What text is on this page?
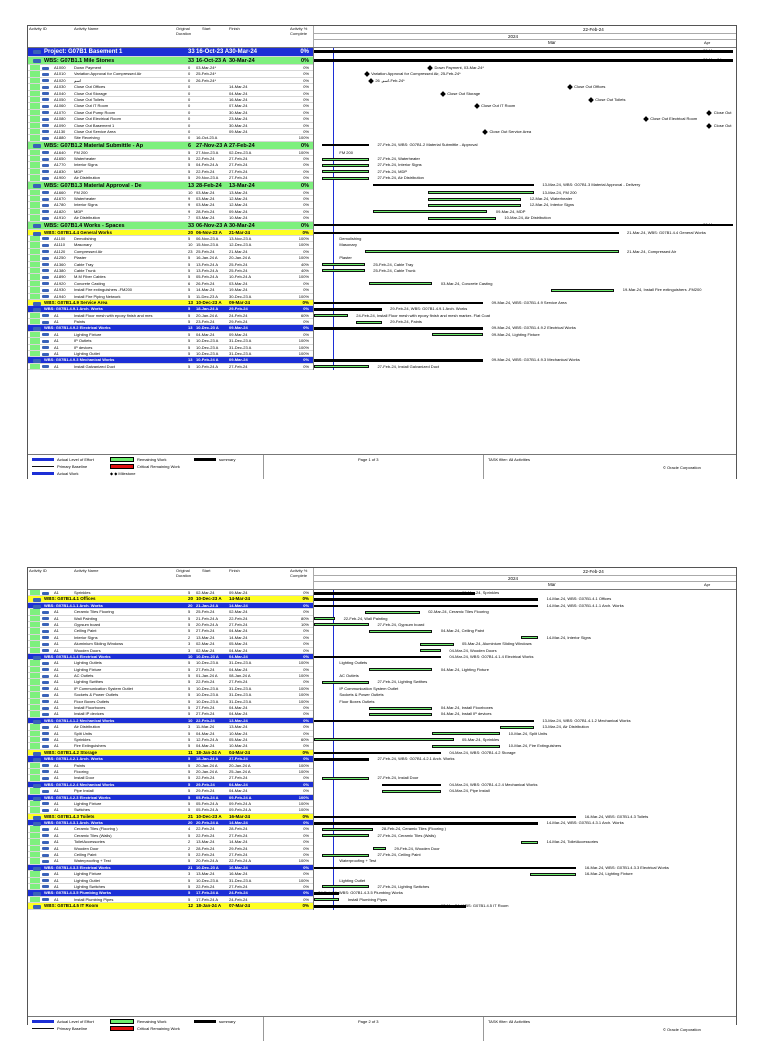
Activity ID	Activity Name	Original Duration
Start	Finish	Activity % Complete
22-Feb-24
2024
Mar	Apr
Project: G07B1 Basement 1	33 16-Oct-23 A 30-Mar-24	0%
WBS: G07B1.1 Mile Stones	33 16-Oct-23 A 30-Mar-24	0%
A1000 Down Payment	0 03-Mar-24*	0%
A1010 Variation Approval for Compressed Air	0 25-Feb-24*	0%
A1020 اسم	0 26-Feb-24*	0%
A1030 Close Out Offices	0	14-Mar-24	0%
A1040 Close Out Storage	0	04-Mar-24	0%
A1050 Close Out Toilets	0	16-Mar-24	0%
A1060 Close Out IT Room	0	07-Mar-24	0%
A1070 Close Out Pump Room	0	30-Mar-24	0%
A1080 Close Out Electrical Room	0	23-Mar-24	0%
A1090 Close Out Basement 1	0	30-Mar-24	0%
A1130 Close Out Service Area	0	09-Mar-24	0%
A1880 Site Receiving	0 16-Oct-23 A	100%
WBS: G07B1.2 Material Submittle - Ap	6 27-Nov-23 A 27-Feb-24	0%
A1640 FM 200	5 27-Nov-23 A	02-Dec-23 A	100%
A1650 Waterheater	5 22-Feb-24	27-Feb-24	0%
A1770 Interior Signs	5 04-Feb-24 A	27-Feb-24	0%
A1830 MDP	5 22-Feb-24	27-Feb-24	0%
A1900 Air Distribution	5 29-Nov-23 A	27-Feb-24	0%
WBS: G07B1.3 Material Approval - De	13 28-Feb-24 13-Mar-24	0%
A1660 FM 200	10 03-Mar-24	13-Mar-24	0%
A1670 Waterheater	9 03-Mar-24	12-Mar-24	0%
A1780 Interior Signs	9 03-Mar-24	12-Mar-24	0%
A1820 MDP	9 28-Feb-24	09-Mar-24	0%
A1910 Air Distribution	7 03-Mar-24	10-Mar-24	0%
WBS: G07B1.4 Works - Spaces	33 06-Nov-23 A 30-Mar-24	0%
WBS: G07B1.4.4 General Works	20 06-Nov-23 A 21-Mar-24	0%
A1100 Demolishing	5 06-Nov-23 A	13-Nov-23 A	100%
A1110 Masonary	10 15-Nov-23 A	12-Dec-23 A	100%
A1120 Compressed Air	23 25-Feb-24	21-Mar-24	0%
A1250 Plaster	5 16-Jan-24 A	20-Jan-24 A	100%
A1360 Cable Tray	5 13-Feb-24 A	25-Feb-24	40%
A1380 Cable Trunk	5 13-Feb-24 A	25-Feb-24	40%
A1890 M.M Fiber Cables	5 05-Feb-24 A	10-Feb-24 A	100%
A1920 Concrete Casting	6 26-Feb-24	03-Mar-24	0%
A1930 Install Fire extinguishers -FM200	5 14-Mar-24	19-Mar-24	0%
A1940 Install Fire Piping Network	5 11-Dec-23 A	30-Dec-23 A	100%
WBS: G07B1.4.9 Service Area	13 10-Dec-23 A 09-Mar-24	0%
WBS: G07B1.4.9.1 Arch. Works	5 18-Jan-24 A	29-Feb-24	0%
A1	Install Floor mesh with epoxy finish and mes	5 20-Jan-24 A	24-Feb-24	60%
A1	Paints	5 23-Feb-24	29-Feb-24	0%
WBS: G07B1.4.9.2 Electrical Works	13 10-Dec-23 A	09-Mar-24	0%
A1	Lighting Fixture	5 04-Mar-24	09-Mar-24	0%
A1	IP Outlets	5 10-Dec-23 A	31-Dec-23 A	100%
A1	IP devices	5 10-Dec-23 A	31-Dec-23 A	100%
A1	Lighting Outlet	5 10-Dec-23 A	31-Dec-23 A	100%
WBS: G07B1.4.9.3 Mechanical Works	13 10-Feb-24 A	09-Mar-24	0%
A1	Install Galvanized Duct	5 10-Feb-24 A	27-Feb-24	0%
30-Mar
30-Mar-24
Down Payment, 03-Mar-24*
Variation Approval for Compressed Air, 25-Feb-24*
اسم, 26-Feb-24*
Close Out Offices
Close Out Storage
Close Out Toilets
Close Out IT Room
Close Out
Close Out Electrical Room
Close Out
Close Out Service Area
27-Feb-24, WBS: G07B1.2 Material Submittle - Approval
FM 200
27-Feb-24, Waterheater
27-Feb-24, Interior Signs
27-Feb-24, MDP
27-Feb-24, Air Distribution
13-Mar-24, WBS: G07B1.3 Material Approval - Delivery
13-Mar-24, FM 200
12-Mar-24, Waterheater
12-Mar-24, Interior Signs
09-Mar-24, MDP
10-Mar-24, Air Distribution
30-Mar
21-Mar-24, WBS: G07B1.4.4 General Works
Demolishing
Masonary
21-Mar-24, Compressed Air
Plaster
25-Feb-24, Cable Tray
25-Feb-24, Cable Trunk
03-Mar-24, Concrete Casting
19-Mar-24, Install Fire extinguishers -FM200
09-Mar-24, WBS: G07B1.4.9 Service Area
29-Feb-24, WBS: G07B1.4.9.1 Arch. Works
24-Feb-24, Install Floor mesh with epoxy finish and mesh marker- Flat Coat
29-Feb-24, Paints
09-Mar-24, WBS: G07B1.4.9.2 Electrical Works
09-Mar-24, Lighting Fixture
09-Mar-24, WBS: G07B1.4.9.3 Mechanical Works
27-Feb-24, Install Galvanized Duct
Actual Level of Effort
Primary Baseline
Actual Work
Remaining Work
Critical Remaining Work
◆ ◆ Milestone
summary	Page 1 of 3	TASK filter: All Activities
© Oracle Corporation
Activity ID	Activity Name	Original Duration
Start	Finish	Activity % Complete
22-Feb-24
2024
Mar	Apr
A1	Sprinkles	5 02-Mar-24	09-Mar-24	0%
WBS: G07B1.4.1 Offices	20 10-Dec-23 A 14-Mar-24	0%
WBS: G07B1.4.1.1 Arch. Works	20 21-Jan-24 A	14-Mar-24	0%
A1	Ceramic Tiles Flooring	5 25-Feb-24	02-Mar-24	0%
A1	Wall Painting	5 21-Feb-24 A	22-Feb-24	80%
A1	Gypsum board	5 20-Feb-24 A	27-Feb-24	10%
A1	Ceiling Paint	5 27-Feb-24	04-Mar-24	0%
A1	Interior Signs	2 13-Mar-24	14-Mar-24	0%
A1	Aluminium Sliding Windows	3 02-Mar-24	05-Mar-24	0%
A1	Wooden Doors	3 02-Mar-24	04-Mar-24	0%
WBS: G07B1.4.1.4 Electrical Works	10 10-Dec-23 A	04-Mar-24	0%
A1	Lighting Outlets	5 10-Dec-23 A	31-Dec-23 A	100%
A1	Lighting Fixture	5 27-Feb-24	04-Mar-24	0%
A1	AC Outlets	5 01-Jan-24 A	08-Jan-24 A	100%
A1	Lighting Swithes	5 22-Feb-24	27-Feb-24	0%
A1	IP Communication System Outlet	5 10-Dec-23 A	31-Dec-23 A	100%
A1	Sockets & Power Outlets	5 10-Dec-23 A	31-Dec-23 A	100%
A1	Floor Boxes Outlets	5 10-Dec-23 A	31-Dec-23 A	100%
A1	Install Floorboxes	5 27-Feb-24	04-Mar-24	0%
A1	Install IP devices	5 27-Feb-24	04-Mar-24	0%
WBS: G07B1.4.1.2 Mechanical Works	10 22-Feb-24	13-Mar-24	0%
A1	Air Distribution	3 11-Mar-24	13-Mar-24	0%
A1	Split Units	5 04-Mar-24	10-Mar-24	0%
A1	Sprinkles	5 12-Feb-24 A	05-Mar-24	60%
A1	Fire Extinguishers	5 04-Mar-24	10-Mar-24	0%
WBS: G07B1.4.2 Storage	11 18-Jan-24 A 04-Mar-24	0%
WBS: G07B1.4.2.1 Arch. Works	5 18-Jan-24 A	27-Feb-24	0%
A1	Paints	5 20-Jan-24 A	20-Jan-24 A	100%
A1	Flooring	5 20-Jan-24 A	25-Jan-24 A	100%
A1	Install Door	5 22-Feb-24	27-Feb-24	0%
WBS: G07B1.4.2.4 Mechanical Works	5 29-Feb-24	04-Mar-24	0%
A1	Pipe Install	5 29-Feb-24	04-Mar-24	0%
WBS: G07B1.4.2.3 Electrical Works	5 05-Feb-24 A	09-Feb-24 A	100%
A1	Lighting Fixture	5 05-Feb-24 A	09-Feb-24 A	100%
A1	Switches	5 05-Feb-24 A	09-Feb-24 A	100%
WBS: G07B1.4.3 Toilets	21 10-Dec-23 A 16-Mar-24	0%
WBS: G07B1.4.3.1 Arch. Works	20 20-Feb-24 A	14-Mar-24	0%
A1	Ceramic Tiles (Flooring )	4 22-Feb-24	28-Feb-24	0%
A1	Ceramic Tiles (Walls)	5 22-Feb-24	27-Feb-24	0%
A1	ToiletAccessories	2 13-Mar-24	14-Mar-24	0%
A1	Wooden Door	2 28-Feb-24	29-Feb-24	0%
A1	Ceiling Paint	5 22-Feb-24	27-Feb-24	0%
A1	Waterproofing + Test	5 20-Feb-24 A	22-Feb-24 A	100%
WBS: G07B1.4.3.3 Electrical Works	21 10-Dec-23 A	16-Mar-24	0%
A1	Lighting Fixture	3 13-Mar-24	16-Mar-24	0%
A1	Lighting Outlet	5 10-Dec-23 A	31-Dec-23 A	100%
A1	Lighting Switches	5 22-Feb-24	27-Feb-24	0%
WBS: G07B1.4.3.5 Plumbing Works	5 17-Feb-24 A	24-Feb-24	0%
A1	Install Plumbing Pipes	5 17-Feb-24 A	24-Feb-24	0%
WBS: G07B1.4.5 IT Room	12 18-Jan-24 A 07-Mar-24	0%
09-Mar-24, Sprinkles
14-Mar-24, WBS: G07B1.4.1 Offices
14-Mar-24, WBS: G07B1.4.1.1 Arch. Works
02-Mar-24, Ceramic Tiles Flooring
22-Feb-24, Wall Painting
27-Feb-24, Gypsum board
04-Mar-24, Ceiling Paint
14-Mar-24, Interior Signs
05-Mar-24, Aluminium Sliding Windows
04-Mar-24, Wooden Doors
04-Mar-24, WBS: G07B1.4.1.4 Electrical Works
Lighting Outlets
04-Mar-24, Lighting Fixture
AC Outlets
27-Feb-24, Lighting Swithes
IP Communication System Outlet
Sockets & Power Outlets
Floor Boxes Outlets
04-Mar-24, Install Floorboxes
04-Mar-24, Install IP devices
13-Mar-24, WBS: G07B1.4.1.2 Mechanical Works
13-Mar-24, Air Distribution
10-Mar-24, Split Units
05-Mar-24, Sprinkles
10-Mar-24, Fire Extinguishers
04-Mar-24, WBS: G07B1.4.2 Storage
27-Feb-24, WBS: G07B1.4.2.1 Arch. Works
27-Feb-24, Install Door
04-Mar-24, WBS: G07B1.4.2.4 Mechanical Works
04-Mar-24, Pipe Install
16-Mar-24, WBS: G07B1.4.3 Toilets
14-Mar-24, WBS: G07B1.4.3.1 Arch. Works
28-Feb-24, Ceramic Tiles (Flooring )
27-Feb-24, Ceramic Tiles (Walls)
14-Mar-24, ToiletAccessories
29-Feb-24, Wooden Door
27-Feb-24, Ceiling Paint
Waterproofing + Test
16-Mar-24, WBS: G07B1.4.3.3 Electrical Works
16-Mar-24, Lighting Fixture
Lighting Outlet
27-Feb-24, Lighting Switches
24-Feb-24, WBS: G07B1.4.3.5 Plumbing Works
Install Plumbing Pipes
07-Mar-24, WBS: G07B1.4.5 IT Room
Actual Level of Effort
Primary Baseline
Remaining Work
Critical Remaining Work
summary	Page 2 of 3	TASK filter: All Activities
© Oracle Corporation
